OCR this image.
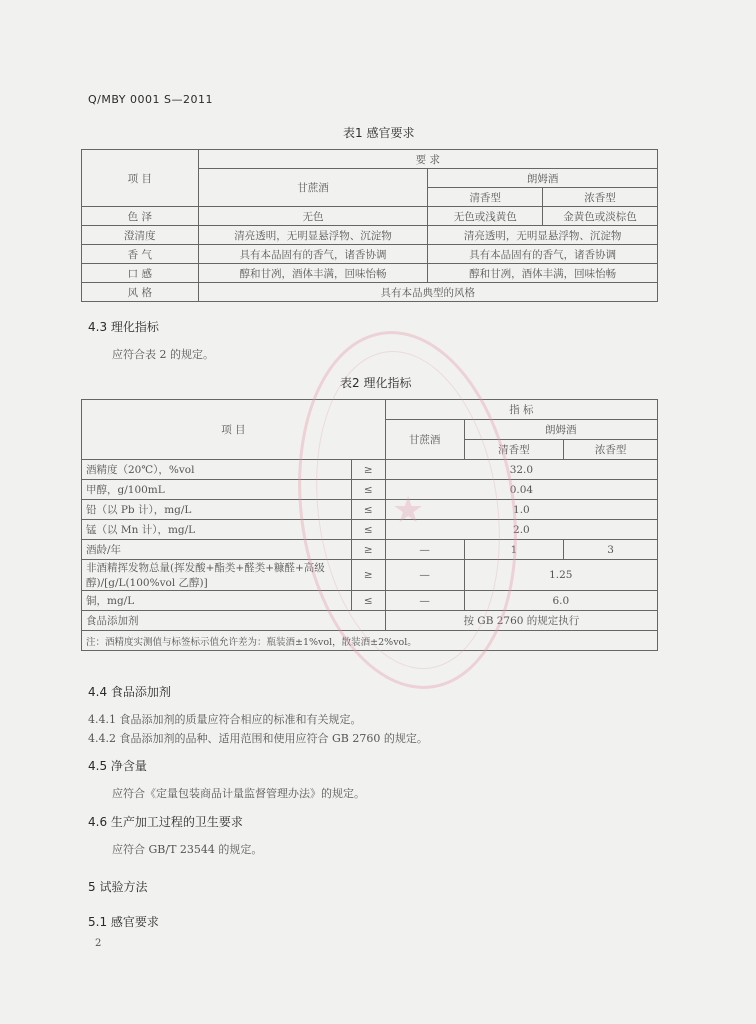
Q/MBY 0001 S—2011
表1 感官要求
项 目	要 求		
	甘蔗酒	朗姆酒	
		清香型	浓香型
色 泽	无色	无色或浅黄色	金黄色或淡棕色
澄清度	清亮透明，无明显悬浮物、沉淀物	清亮透明，无明显悬浮物、沉淀物	
香 气	具有本品固有的香气，诸香协调	具有本品固有的香气，诸香协调	
口 感	醇和甘冽，酒体丰满，回味怡畅	醇和甘冽，酒体丰满，回味怡畅	
风 格	具有本品典型的风格		
4.3 理化指标
应符合表 2 的规定。
表2 理化指标
项 目		指 标		
		甘蔗酒	朗姆酒	
			清香型	浓香型
酒精度（20℃），%vol	≥	32.0		
甲醇，g/100mL	≤	0.04		
铅（以 Pb 计），mg/L	≤	1.0		
锰（以 Mn 计），mg/L	≤	2.0		
酒龄/年	≥	—	1	3

非酒精挥发物总量(挥发酸+酯类+醛类+糠醛+高级
醇)/[g/L(100%vol 乙醇)]	≥	—	1.25	
铜，mg/L	≤	—	6.0	
食品添加剂		按 GB 2760 的规定执行		
注：酒精度实测值与标签标示值允许差为：瓶装酒±1%vol，散装酒±2%vol。				
4.4 食品添加剂
4.4.1 食品添加剂的质量应符合相应的标准和有关规定。
4.4.2 食品添加剂的品种、适用范围和使用应符合 GB 2760 的规定。
4.5 净含量
应符合《定量包装商品计量监督管理办法》的规定。
4.6 生产加工过程的卫生要求
应符合 GB/T 23544 的规定。
5 试验方法
5.1 感官要求
2
★
